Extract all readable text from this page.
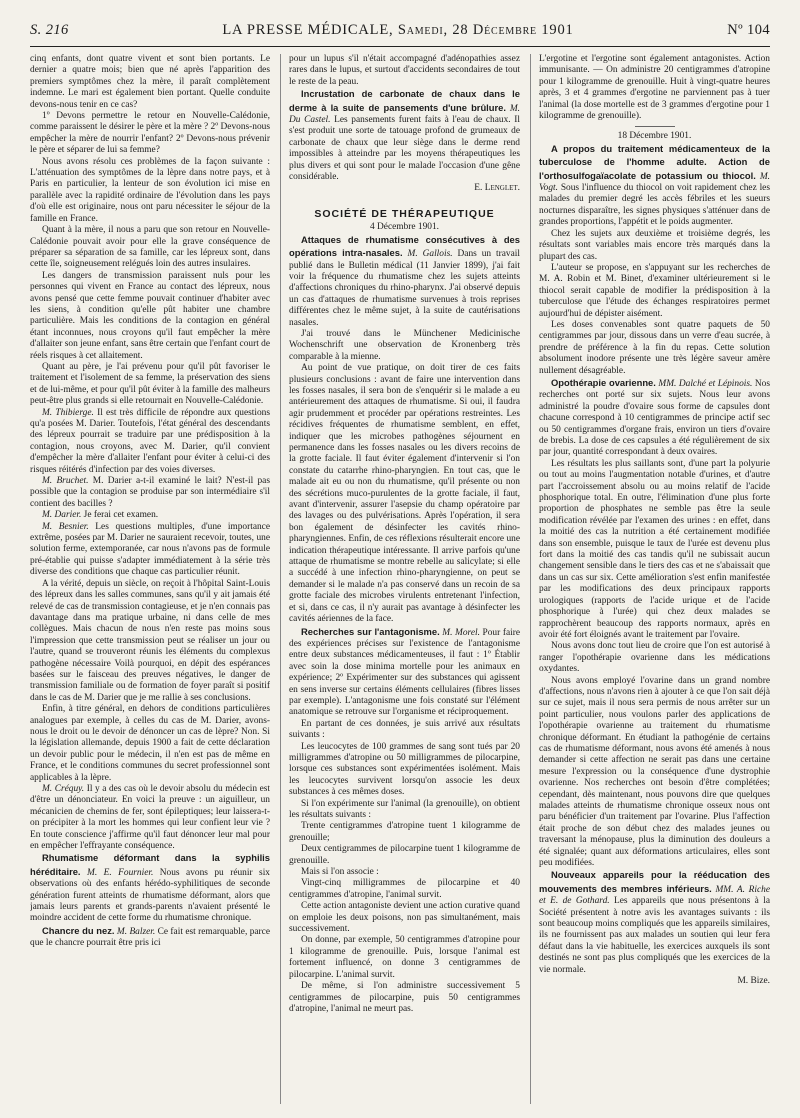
S. 216	LA PRESSE MÉDICALE, Samedi, 28 Décembre 1901	Nº 104

cinq enfants, dont quatre vivent et sont bien portants. Le dernier a quatre mois; bien que né après l'apparition des premiers symptômes chez la mère, il paraît complètement indemne. Le mari est également bien portant. Quelle conduite devons-nous tenir en ce cas?

1º Devons permettre le retour en Nouvelle-Calédonie, comme paraissent le désirer le père et la mère ? 2º Devons-nous empêcher la mère de nourrir l'enfant? 2º Devons-nous prévenir le père et séparer de lui sa femme?

Nous avons résolu ces problèmes de la façon suivante : L'atténuation des symptômes de la lèpre dans notre pays, et à Paris en particulier, la lenteur de son évolution ici mise en parallèle avec la rapidité ordinaire de l'évolution dans les pays d'où elle est originaire, nous ont paru nécessiter le séjour de la famille en France.

Quant à la mère, il nous a paru que son retour en Nouvelle-Calédonie pouvait avoir pour elle la grave conséquence de préparer sa séparation de sa famille, car les lépreux sont, dans cette île, soigneusement relégués loin des autres insulaires.

Les dangers de transmission paraissent nuls pour les personnes qui vivent en France au contact des lépreux, nous avons pensé que cette femme pouvait continuer d'habiter avec les siens, à condition qu'elle pût habiter une chambre particulière. Mais les conditions de la contagion en général étant inconnues, nous croyons qu'il faut empêcher la mère d'allaiter son jeune enfant, sans être certain que l'enfant court de réels risques à cet allaitement.

Quant au père, je l'ai prévenu pour qu'il pût favoriser le traitement et l'isolement de sa femme, la préservation des siens et de lui-même, et pour qu'il pût éviter à la famille des malheurs peut-être plus grands si elle retournait en Nouvelle-Calédonie.

M. Thibierge. Il est très difficile de répondre aux questions qu'a posées M. Darier. Toutefois, l'état général des descendants des lépreux pourrait se traduire par une prédisposition à la contagion, nous croyons, avec M. Darier, qu'il convient d'empêcher la mère d'allaiter l'enfant pour éviter à celui-ci des risques réitérés d'infection par des voies diverses.

M. Bruchet. M. Darier a-t-il examiné le lait? N'est-il pas possible que la contagion se produise par son intermédiaire s'il contient des bacilles ?

M. Darier. Je ferai cet examen.

M. Besnier. Les questions multiples, d'une importance extrême, posées par M. Darier ne sauraient recevoir, toutes, une solution ferme, extemporanée, car nous n'avons pas de formule pré-établie qui puisse s'adapter immédiatement à la série très diverse des conditions que chaque cas particulier réunit.

A la vérité, depuis un siècle, on reçoit à l'hôpital Saint-Louis des lépreux dans les salles communes, sans qu'il y ait jamais été relevé de cas de transmission contagieuse, et je n'en connais pas davantage dans ma pratique urbaine, ni dans celle de mes collègues. Mais chacun de nous n'en reste pas moins sous l'impression que cette transmission peut se réaliser un jour ou l'autre, quand se trouveront réunis les éléments du complexus pathogène nécessaire Voilà pourquoi, en dépit des espérances basées sur le faisceau des preuves négatives, le danger de transmission familiale ou de formation de foyer paraît si positif dans le cas de M. Darier que je me rallie à ses conclusions.

Enfin, à titre général, en dehors de conditions particulières analogues par exemple, à celles du cas de M. Darier, avons-nous le droit ou le devoir de dénoncer un cas de lèpre? Non. Si la législation allemande, depuis 1900 a fait de cette déclaration un devoir public pour le médecin, il n'en est pas de même en France, et le conditions communes du secret professionnel sont applicables à la lèpre.

M. Créquy. Il y a des cas où le devoir absolu du médecin est d'être un dénonciateur. En voici la preuve : un aiguilleur, un mécanicien de chemins de fer, sont épileptiques; leur laissera-t-on précipiter à la mort les hommes qui leur confient leur vie ? En toute conscience j'affirme qu'il faut dénoncer leur mal pour en empêcher l'effrayante conséquence.

Rhumatisme déformant dans la syphilis héréditaire. M. E. Fournier. Nous avons pu réunir six observations où des enfants hérédo-syphilitiques de seconde génération furent atteints de rhumatisme déformant, alors que jamais leurs parents et grands-parents n'avaient présenté le moindre accident de cette forme du rhumatisme chronique.

Chancre du nez. M. Balzer. Ce fait est remarquable, parce que le chancre pourrait être pris ici

pour un lupus s'il n'était accompagné d'adénopathies assez rares dans le lupus, et surtout d'accidents secondaires de tout le reste de la peau.

Incrustation de carbonate de chaux dans le derme à la suite de pansements d'une brûlure. M. Du Castel. Les pansements furent faits à l'eau de chaux. Il s'est produit une sorte de tatouage profond de grumeaux de carbonate de chaux que leur siège dans le derme rend impossibles à atteindre par les moyens thérapeutiques les plus divers et qui sont pour le malade l'occasion d'une gêne considérable.

E. Lenglet.

SOCIÉTÉ DE THÉRAPEUTIQUE

4 Décembre 1901.

Attaques de rhumatisme consécutives à des opérations intra-nasales. M. Gallois. Dans un travail publié dans le Bulletin médical (11 Janvier 1899), j'ai fait voir la fréquence du rhumatisme chez les sujets atteints d'affections chroniques du rhino-pharynx. J'ai observé depuis un cas d'attaques de rhumatisme survenues à trois reprises différentes chez le même sujet, à la suite de cautérisations nasales.

J'ai trouvé dans le Münchener Medicinische Wochenschrift une observation de Kronenberg très comparable à la mienne.

Au point de vue pratique, on doit tirer de ces faits plusieurs conclusions : avant de faire une intervention dans les fosses nasales, il sera bon de s'enquérir si le malade a eu antérieurement des attaques de rhumatisme. Si oui, il faudra agir prudemment et procéder par opérations restreintes. Les récidives fréquentes de rhumatisme semblent, en effet, indiquer que les microbes pathogènes séjournent en permanence dans les fosses nasales ou les divers recoins de la grotte faciale. Il faut éviter également d'intervenir si l'on constate du catarrhe rhino-pharyngien. En tout cas, que le malade ait eu ou non du rhumatisme, qu'il présente ou non des sécrétions muco-purulentes de la grotte faciale, il faut, avant d'intervenir, assurer l'asepsie du champ opératoire par des lavages ou des pulvérisations. Après l'opération, il sera bon également de désinfecter les cavités rhino-pharyngiennes. Enfin, de ces réflexions résulterait encore une indication thérapeutique intéressante. Il arrive parfois qu'une attaque de rhumatisme se montre rebelle au salicylate; si elle a succédé à une infection rhino-pharyngienne, on peut se demander si le malade n'a pas conservé dans un recoin de sa grotte faciale des microbes virulents entretenant l'infection, et si, dans ce cas, il n'y aurait pas avantage à désinfecter les cavités aériennes de la face.

Recherches sur l'antagonisme. M. Morel. Pour faire des expériences précises sur l'existence de l'antagonisme entre deux substances médicamenteuses, il faut : 1º Établir avec soin la dose minima mortelle pour les animaux en expérience; 2º Expérimenter sur des substances qui agissent en sens inverse sur certains éléments cellulaires (fibres lisses par exemple). L'antagonisme une fois constaté sur l'élément anatomique se retrouve sur l'organisme et réciproquement.

En partant de ces données, je suis arrivé aux résultats suivants :

Les leucocytes de 100 grammes de sang sont tués par 20 milligrammes d'atropine ou 50 milligrammes de pilocarpine, lorsque ces substances sont expérimentées isolément. Mais les leucocytes survivent lorsqu'on associe les deux substances à ces mêmes doses.

Si l'on expérimente sur l'animal (la grenouille), on obtient les résultats suivants :

Trente centigrammes d'atropine tuent 1 kilogramme de grenouille;

Deux centigrammes de pilocarpine tuent 1 kilogramme de grenouille.

Mais si l'on associe :

Vingt-cinq milligrammes de pilocarpine et 40 centigrammes d'atropine, l'animal survit.

Cette action antagoniste devient une action curative quand on emploie les deux poisons, non pas simultanément, mais successivement.

On donne, par exemple, 50 centigrammes d'atropine pour 1 kilogramme de grenouille. Puis, lorsque l'animal est fortement influencé, on donne 3 centigrammes de pilocarpine. L'animal survit.

De même, si l'on administre successivement 5 centigrammes de pilocarpine, puis 50 centigrammes d'atropine, l'animal ne meurt pas.

L'ergotine et l'ergotine sont également antagonistes. Action immunisante. — On administre 20 centigrammes d'atropine pour 1 kilogramme de grenouille. Huit à vingt-quatre heures après, 3 et 4 grammes d'ergotine ne parviennent pas à tuer l'animal (la dose mortelle est de 3 grammes d'ergotine pour 1 kilogramme de grenouille).

18 Décembre 1901.

A propos du traitement médicamenteux de la tuberculose de l'homme adulte. Action de l'orthosulfogaïacolate de potassium ou thiocol. M. Vogt. Sous l'influence du thiocol on voit rapidement chez les malades du premier degré les accès fébriles et les sueurs nocturnes disparaître, les signes physiques s'atténuer dans de grandes proportions, l'appétit et le poids augmenter.

Chez les sujets aux deuxième et troisième degrés, les résultats sont variables mais encore très marqués dans la plupart des cas.

L'auteur se propose, en s'appuyant sur les recherches de M. A. Robin et M. Binet, d'examiner ultérieurement si le thiocol serait capable de modifier la prédisposition à la tuberculose que l'étude des échanges respiratoires permet aujourd'hui de dépister aisément.

Les doses convenables sont quatre paquets de 50 centigrammes par jour, dissous dans un verre d'eau sucrée, à prendre de préférence à la fin du repas. Cette solution absolument inodore présente une très légère saveur amère nullement désagréable.

Opothérapie ovarienne. MM. Dalché et Lépinois. Nos recherches ont porté sur six sujets. Nous leur avons administré la poudre d'ovaire sous forme de capsules dont chacune correspond à 10 centigrammes de principe actif sec ou 50 centigrammes d'organe frais, environ un tiers d'ovaire de brebis. La dose de ces capsules a été régulièrement de six par jour, quantité correspondant à deux ovaires.

Les résultats les plus saillants sont, d'une part la polyurie ou tout au moins l'augmentation notable d'urines, et d'autre part l'accroissement absolu ou au moins relatif de l'acide phosphorique total. En outre, l'élimination d'une plus forte proportion de phosphates ne semble pas être la seule modification révélée par l'examen des urines : en effet, dans la moitié des cas la nutrition a été certainement modifiée dans son ensemble, puisque le taux de l'urée est devenu plus fort dans la moitié des cas tandis qu'il ne subissait aucun changement sensible dans le tiers des cas et ne s'abaissait que dans un cas sur six. Cette amélioration s'est enfin manifestée par les modifications des deux principaux rapports urologiques (rapports de l'acide urique et de l'acide phosphorique à l'urée) qui chez deux malades se rapprochèrent beaucoup des rapports normaux, après en avoir été fort éloignés avant le traitement par l'ovaire.

Nous avons donc tout lieu de croire que l'on est autorisé à ranger l'opothérapie ovarienne dans les médications oxydantes.

Nous avons employé l'ovarine dans un grand nombre d'affections, nous n'avons rien à ajouter à ce que l'on sait déjà sur ce sujet, mais il nous sera permis de nous arrêter sur un point particulier, nous voulons parler des applications de l'opothérapie ovarienne au traitement du rhumatisme chronique déformant. En étudiant la pathogénie de certains cas de rhumatisme déformant, nous avons été amenés à nous demander si cette affection ne serait pas dans une certaine mesure l'expression ou la conséquence d'une dystrophie ovarienne. Nos recherches ont besoin d'être complétées; cependant, dès maintenant, nous pouvons dire que quelques malades atteints de rhumatisme chronique osseux nous ont paru bénéficier d'un traitement par l'ovarine. Plus l'affection était proche de son début chez des malades jeunes ou traversant la ménopause, plus la diminution des douleurs a été signalée; quant aux déformations articulaires, elles sont peu modifiées.

Nouveaux appareils pour la rééducation des mouvements des membres inférieurs. MM. A. Riche et E. de Gothard. Les appareils que nous présentons à la Société présentent à notre avis les avantages suivants : ils sont beaucoup moins compliqués que les appareils similaires, ils ne fournissent pas aux malades un soutien qui leur fera défaut dans la vie habituelle, les exercices auxquels ils sont destinés ne sont pas plus compliqués que les exercices de la vie normale.

M. Bize.
